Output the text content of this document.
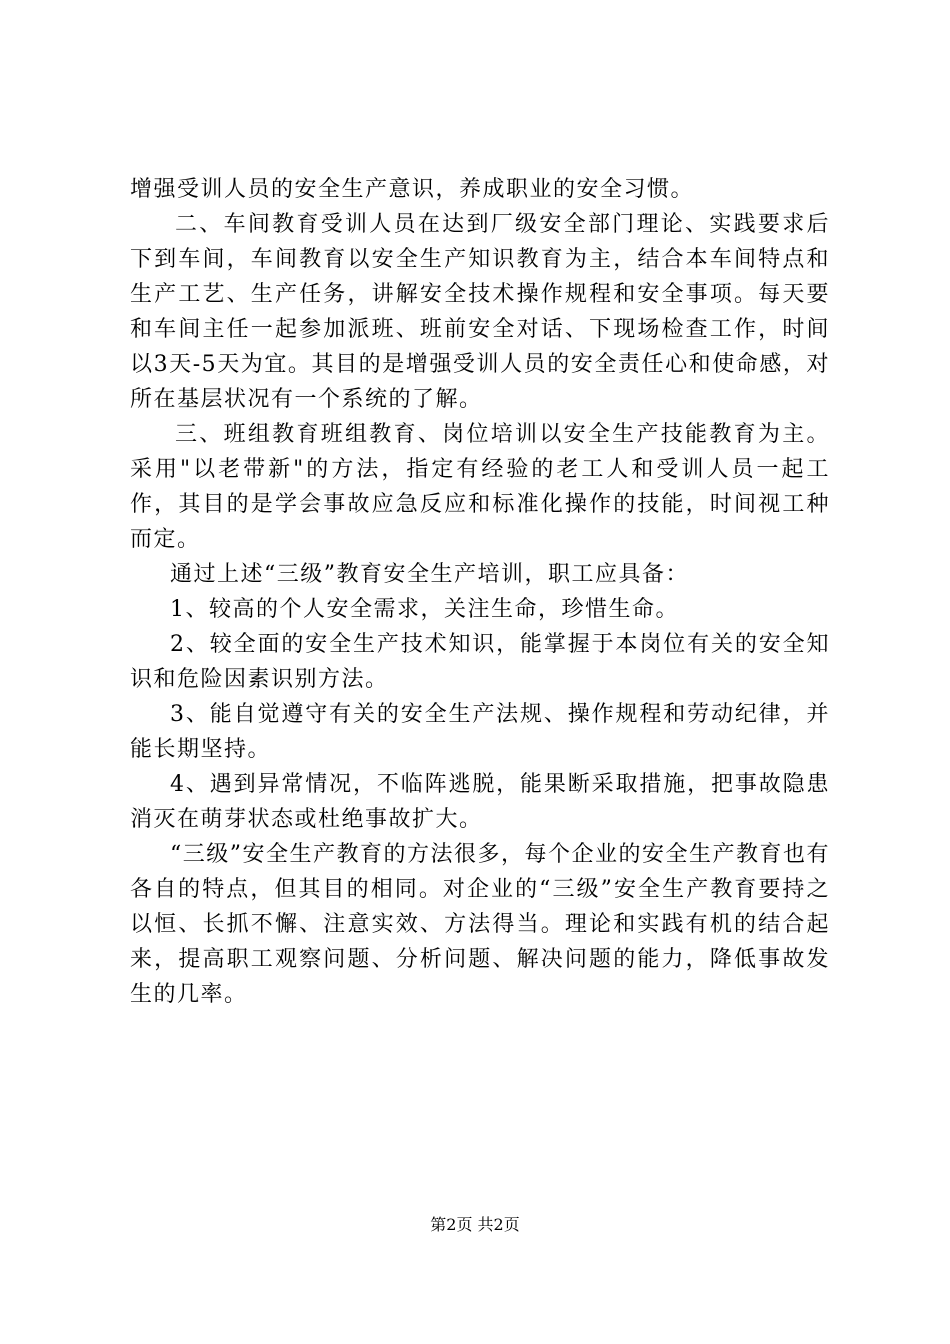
增强受训人员的安全生产意识，养成职业的安全习惯。

二、车间教育受训人员在达到厂级安全部门理论、实践要求后下到车间，车间教育以安全生产知识教育为主，结合本车间特点和生产工艺、生产任务，讲解安全技术操作规程和安全事项。每天要和车间主任一起参加派班、班前安全对话、下现场检查工作，时间以3天-5天为宜。其目的是增强受训人员的安全责任心和使命感，对所在基层状况有一个系统的了解。

三、班组教育班组教育、岗位培训以安全生产技能教育为主。采用"以老带新"的方法，指定有经验的老工人和受训人员一起工作，其目的是学会事故应急反应和标准化操作的技能，时间视工种而定。

通过上述“三级”教育安全生产培训，职工应具备：

1、较高的个人安全需求，关注生命，珍惜生命。

2、较全面的安全生产技术知识，能掌握于本岗位有关的安全知识和危险因素识别方法。

3、能自觉遵守有关的安全生产法规、操作规程和劳动纪律，并能长期坚持。

4、遇到异常情况，不临阵逃脱，能果断采取措施，把事故隐患消灭在萌芽状态或杜绝事故扩大。

“三级”安全生产教育的方法很多，每个企业的安全生产教育也有各自的特点，但其目的相同。对企业的“三级”安全生产教育要持之以恒、长抓不懈、注意实效、方法得当。理论和实践有机的结合起来，提高职工观察问题、分析问题、解决问题的能力，降低事故发生的几率。

第2页 共2页
